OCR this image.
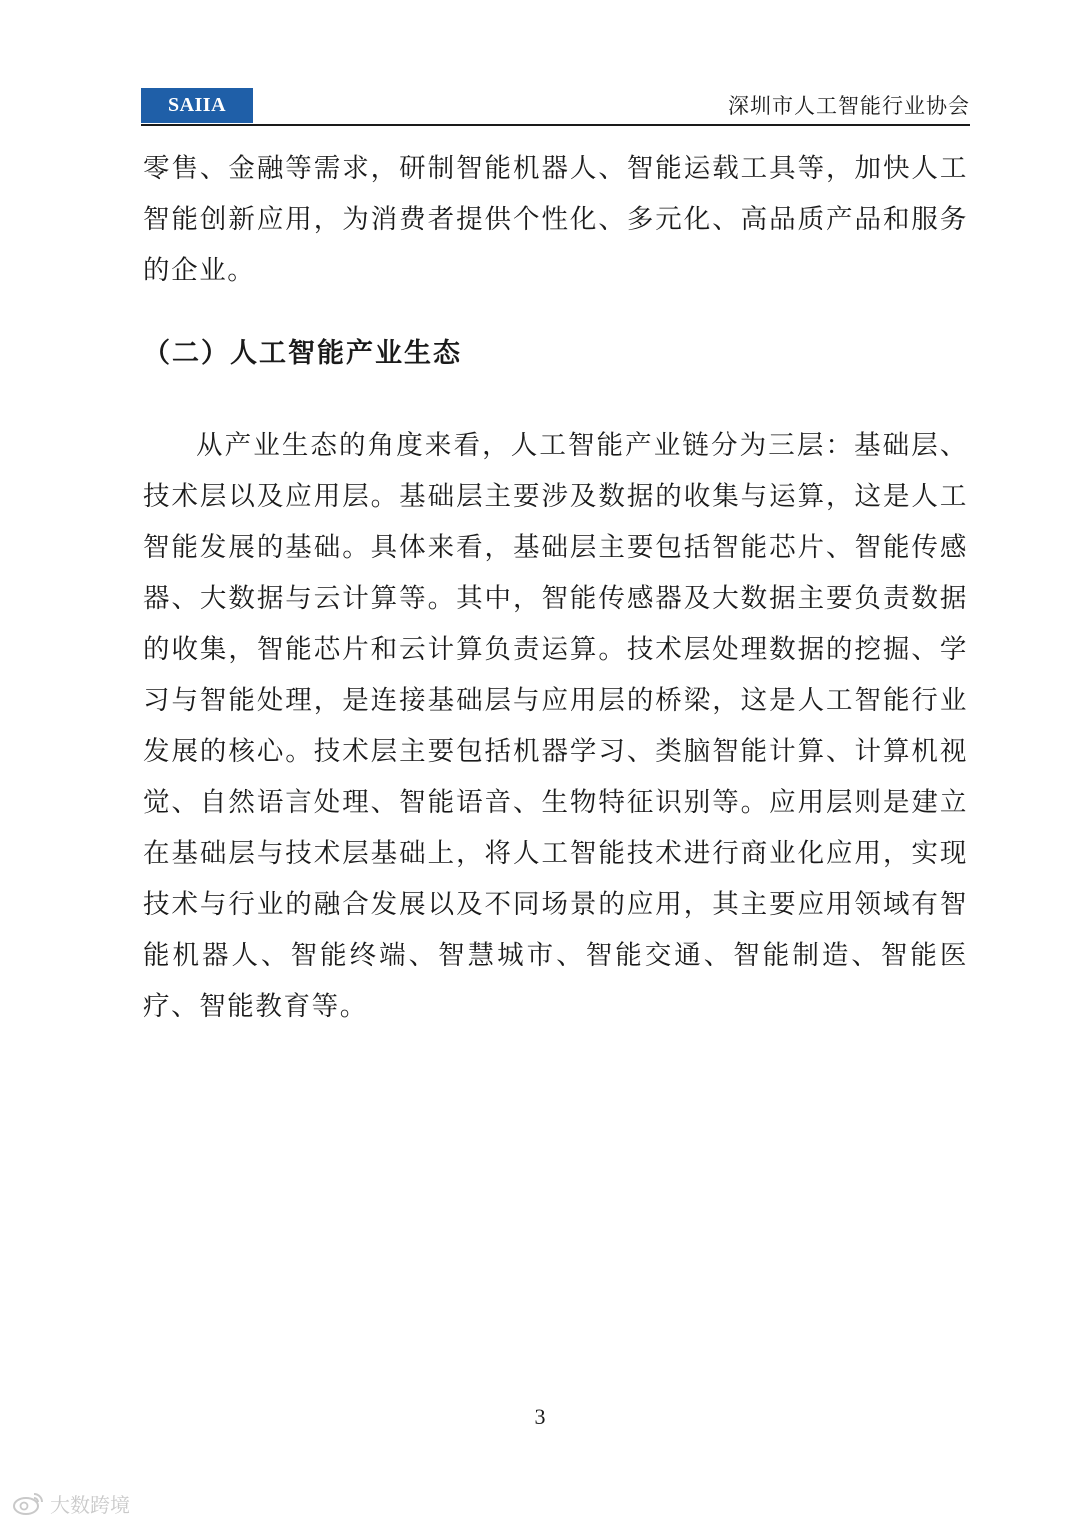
SAIIA	深圳市人工智能行业协会

零售、金融等需求，研制智能机器人、智能运载工具等，加快人工智能创新应用，为消费者提供个性化、多元化、高品质产品和服务的企业。

（二）人工智能产业生态

从产业生态的角度来看，人工智能产业链分为三层：基础层、技术层以及应用层。基础层主要涉及数据的收集与运算，这是人工智能发展的基础。具体来看，基础层主要包括智能芯片、智能传感器、大数据与云计算等。其中，智能传感器及大数据主要负责数据的收集，智能芯片和云计算负责运算。技术层处理数据的挖掘、学习与智能处理，是连接基础层与应用层的桥梁，这是人工智能行业发展的核心。技术层主要包括机器学习、类脑智能计算、计算机视觉、自然语言处理、智能语音、生物特征识别等。应用层则是建立在基础层与技术层基础上，将人工智能技术进行商业化应用，实现技术与行业的融合发展以及不同场景的应用，其主要应用领域有智能机器人、智能终端、智慧城市、智能交通、智能制造、智能医疗、智能教育等。

3
大数跨境
